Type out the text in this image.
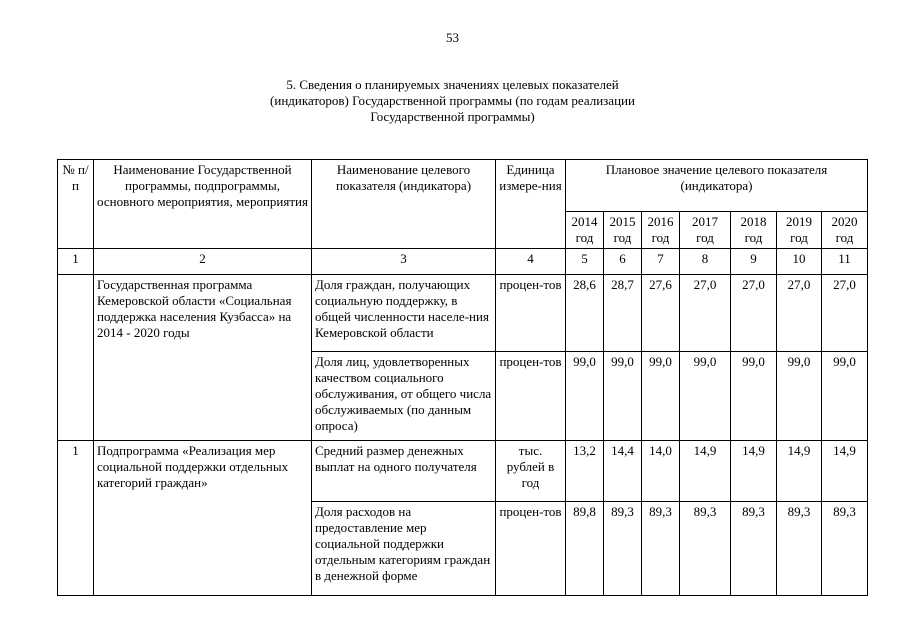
53
5. Сведения о планируемых значениях целевых показателей
(индикаторов) Государственной программы (по годам реализации
Государственной программы)
№ п/п	Наименование Государственной программы, подпрограммы, основного мероприятия, мероприятия	Наименование целевого показателя (индикатора)	Единица измере-ния	Плановое значение целевого показателя (индикатора)						
				2014 год	2015 год	2016 год	2017 год	2018 год	2019 год	2020 год
1	2	3	4	5	6	7	8	9	10	11
	Государственная программа Кемеровской области «Социальная поддержка населения Кузбасса» на 2014 - 2020 годы	Доля граждан, получающих социальную поддержку, в общей численности населе-ния Кемеровской области	процен-тов	28,6	28,7	27,6	27,0	27,0	27,0	27,0
		Доля лиц, удовлетворенных качеством социального обслуживания, от общего числа обслуживаемых (по данным опроса)	процен-тов	99,0	99,0	99,0	99,0	99,0	99,0	99,0
1	Подпрограмма «Реализация мер социальной поддержки отдельных категорий граждан»	Средний размер денежных выплат на одного получателя	тыс. рублей в год	13,2	14,4	14,0	14,9	14,9	14,9	14,9
		Доля расходов на предоставление мер социальной поддержки отдельным категориям граждан в денежной форме	процен-тов	89,8	89,3	89,3	89,3	89,3	89,3	89,3
